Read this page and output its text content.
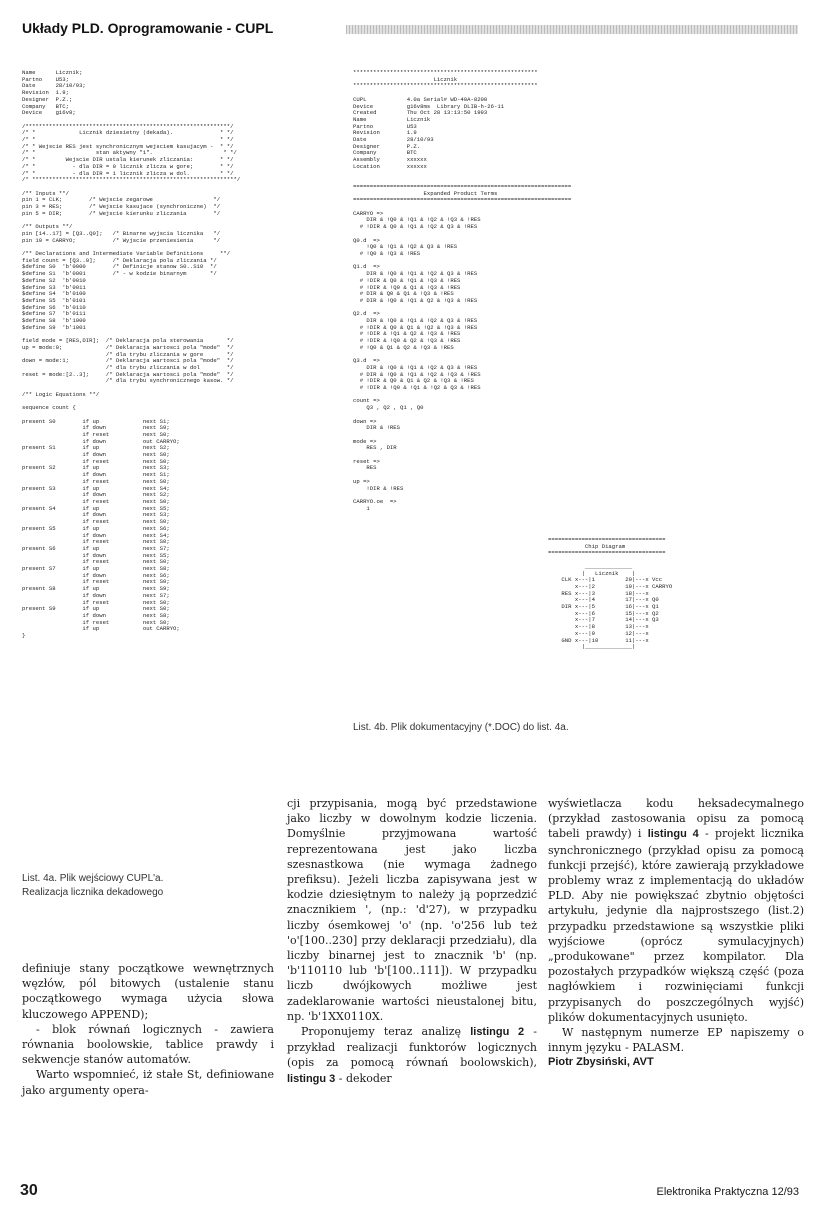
Układy PLD. Oprogramowanie - CUPL
Name      Licznik;
Partno    U53;
Date      28/10/93;
Revision  1.9;
Designer  P.Z.;
Company   BTC;
Device    g16v8;

/*************************************************************/
/* *             Licznik dziesietny (dekada).              * */
/* *                                                       * */
/* * Wejscie RES jest synchronicznym wejsciem kasujacym -  * */
/* *                  stan aktywny "1".                     * */
/* *         Wejscie DIR ustala kierunek zliczania:        * */
/* *           - dla DIR = 0 licznik zlicza w gore;        * */
/* *           - dla DIR = 1 licznik zlicza w dol.         * */
/* *************************************************************/

/** Inputs **/
pin 1 = CLK;        /* Wejscie zegarowe                  */
pin 3 = RES;        /* Wejscie kasujace (synchroniczne)  */
pin 5 = DIR;        /* Wejscie kierunku zliczania        */

/** Outputs **/
pin [14..17] = [Q3..Q0];   /* Binarne wyjscia licznika   */
pin 19 = CARRYO;           /* Wyjscie przeniesienia      */

/** Declarations and Intermediate Variable Definitions     **/
field count = [Q3..0];     /* Deklaracja pola zliczania */
$define S0  'b'0000        /* Definicje stanow S0..S10  */
$define S1  'b'0001        /* - w kodzie binarnym       */
$define S2  'b'0010
$define S3  'b'0011
$define S4  'b'0100
$define S5  'b'0101
$define S6  'b'0110
$define S7  'b'0111
$define S8  'b'1000
$define S9  'b'1001

field mode = [RES,DIR];  /* Deklaracja pola sterowania       */
up = mode:0;             /* Deklaracja wartosci pola "mode"  */
/* dla trybu zliczania w gore       */
down = mode:1;           /* Deklaracja wartosci pola "mode"  */
/* dla trybu zliczania w dol        */
reset = mode:[2..3];     /* Deklaracja wartosci pola "mode"  */
/* dla trybu synchronicznego kasow. */

/** Logic Equations **/

sequence count {

present S0        if up             next S1;
if down           next S9;
if reset          next S0;
if down           out CARRYO;
present S1        if up             next S2;
if down           next S0;
if reset          next S0;
present S2        if up             next S3;
if down           next S1;
if reset          next S0;
present S3        if up             next S4;
if down           next S2;
if reset          next S0;
present S4        if up             next S5;
if down           next S3;
if reset          next S0;
present S5        if up             next S6;
if down           next S4;
if reset          next S0;
present S6        if up             next S7;
if down           next S5;
if reset          next S0;
present S7        if up             next S8;
if down           next S6;
if reset          next S0;
present S8        if up             next S9;
if down           next S7;
if reset          next S0;
present S9        if up             next S0;
if down           next S8;
if reset          next S0;
if up             out CARRYO;
}
List. 4a. Plik wejściowy CUPL'a.
Realizacja licznika dekadowego
*******************************************************
Licznik
*******************************************************

CUPL            4.0a Serial# WD-40A-8200
Device          g16v8ms  Library DLIB-h-26-11
Created         Thu Oct 28 13:13:50 1993
Name            Licznik
Partno          U53
Revision        1.9
Date            28/10/93
Designer        P.Z.
Company         BTC
Assembly        xxxxxx
Location        xxxxxx

=================================================================
Expanded Product Terms
=================================================================

CARRYO =>
DIR & !Q0 & !Q1 & !Q2 & !Q3 & !RES
# !DIR & Q0 & !Q1 & !Q2 & Q3 & !RES

Q0.d  =>
!Q0 & !Q1 & !Q2 & Q3 & !RES
# !Q0 & !Q3 & !RES

Q1.d  =>
DIR & !Q0 & !Q1 & !Q2 & Q3 & !RES
# !DIR & Q0 & !Q1 & !Q3 & !RES
# !DIR & !Q0 & Q1 & !Q3 & !RES
# DIR & Q0 & Q1 & !Q3 & !RES
# DIR & !Q0 & !Q1 & Q2 & !Q3 & !RES

Q2.d  =>
DIR & !Q0 & !Q1 & !Q2 & Q3 & !RES
# !DIR & Q0 & Q1 & !Q2 & !Q3 & !RES
# !DIR & !Q1 & Q2 & !Q3 & !RES
# !DIR & !Q0 & Q2 & !Q3 & !RES
# !Q0 & Q1 & Q2 & !Q3 & !RES

Q3.d  =>
DIR & !Q0 & !Q1 & !Q2 & Q3 & !RES
# DIR & !Q0 & !Q1 & !Q2 & !Q3 & !RES
# !DIR & Q0 & Q1 & Q2 & !Q3 & !RES
# !DIR & !Q0 & !Q1 & !Q2 & Q3 & !RES

count =>
Q3 , Q2 , Q1 , Q0

down =>
DIR & !RES

mode =>
RES , DIR

reset =>
RES

up =>
!DIR & !RES

CARRYO.oe  =>
1
===================================
Chip Diagram
===================================

______________
|   Licznik    |
CLK x---|1         20|---x Vcc
x---|2         19|---x CARRYO
RES x---|3         18|---x
x---|4         17|---x Q0
DIR x---|5         16|---x Q1
x---|6         15|---x Q2
x---|7         14|---x Q3
x---|8         13|---x
x---|9         12|---x
GND x---|10        11|---x
|______________|
List. 4b. Plik dokumentacyjny (*.DOC) do list. 4a.

definiuje stany początkowe wewnętrznych węzłów, pól bitowych (ustalenie stanu początkowego wymaga użycia słowa kluczowego APPEND);

- blok równań logicznych - zawiera równania boolowskie, tablice prawdy i sekwencje stanów automatów.

Warto wspomnieć, iż stałe St, definiowane jako argumenty opera-

cji przypisania, mogą być przedstawione jako liczby w dowolnym kodzie liczenia. Domyślnie przyjmowana wartość reprezentowana jest jako liczba szesnastkowa (nie wymaga żadnego prefiksu). Jeżeli liczba zapisywana jest w kodzie dziesiętnym to należy ją poprzedzić znacznikiem ', (np.: 'd'27), w przypadku liczby ósemkowej 'o' (np. 'o'256 lub też 'o'[100..230] przy deklaracji przedziału), dla liczby binarnej jest to znacznik 'b' (np. 'b'110110 lub 'b'[100..111]). W przypadku liczb dwójkowych możliwe jest zadeklarowanie wartości nieustalonej bitu, np. 'b'1XX0110X.

Proponujemy teraz analizę listingu 2 - przykład realizacji funktorów logicznych (opis za pomocą równań boolowskich), listingu 3 - dekoder

wyświetlacza kodu heksadecymalnego (przykład zastosowania opisu za pomocą tabeli prawdy) i listingu 4 - projekt licznika synchronicznego (przykład opisu za pomocą funkcji przejść), które zawierają przykładowe problemy wraz z implementacją do układów PLD. Aby nie powiększać zbytnio objętości artykułu, jedynie dla najprostszego (list.2) przypadku przedstawione są wszystkie pliki wyjściowe (oprócz symulacyjnych) „produkowane" przez kompilator. Dla pozostałych przypadków większą część (poza nagłówkiem i rozwinięciami funkcji przypisanych do poszczególnych wyjść) plików dokumentacyjnych usunięto.

W następnym numerze EP napiszemy o innym języku - PALASM.

Piotr Zbysiński, AVT

30	Elektronika Praktyczna 12/93
